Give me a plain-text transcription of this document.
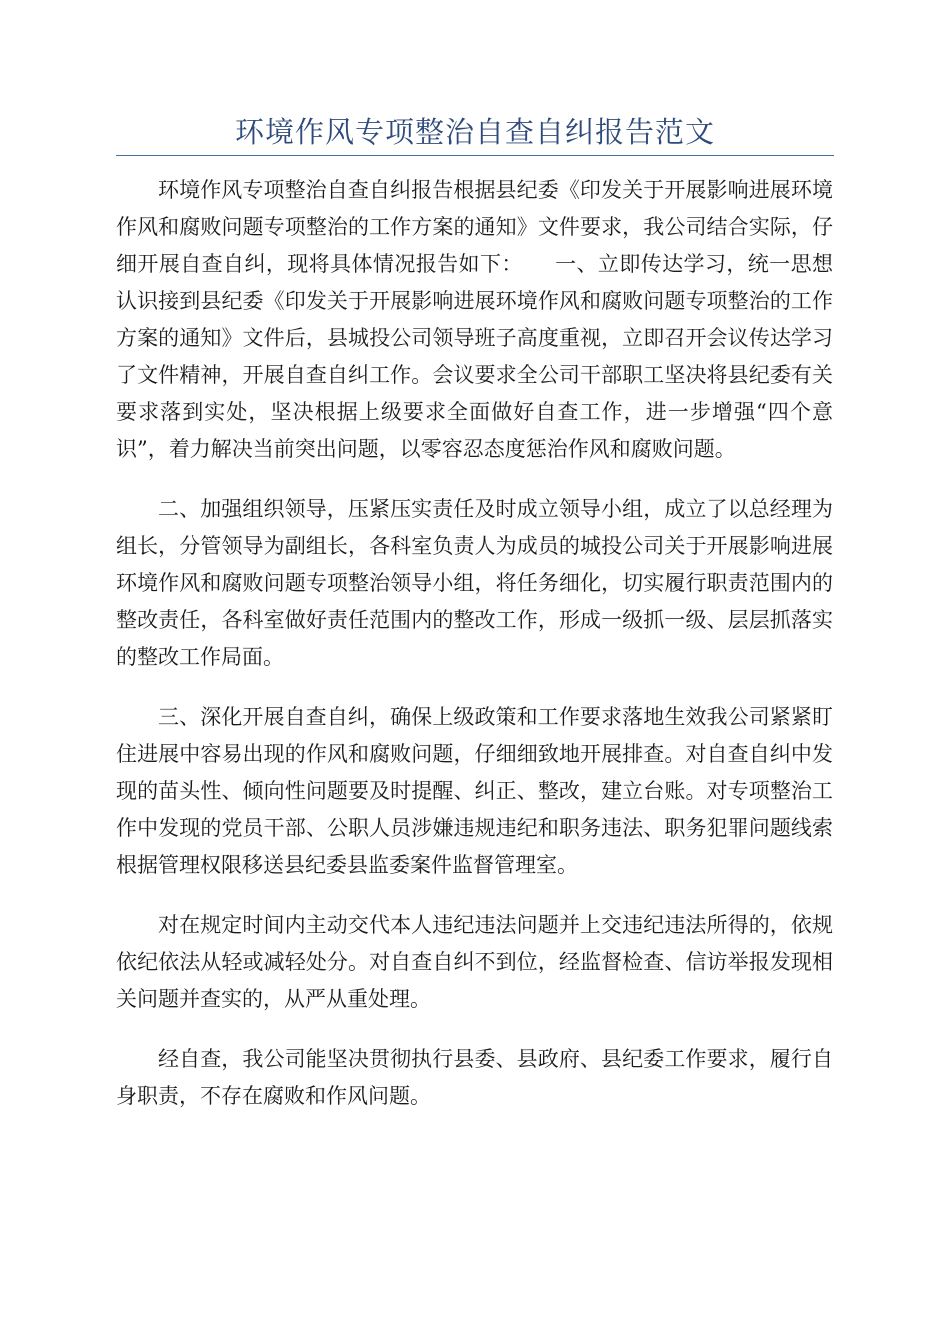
环境作风专项整治自查自纠报告范文

环境作风专项整治自查自纠报告根据县纪委《印发关于开展影响进展环境作风和腐败问题专项整治的工作方案的通知》文件要求，我公司结合实际，仔细开展自查自纠，现将具体情况报告如下：　　一、立即传达学习，统一思想认识接到县纪委《印发关于开展影响进展环境作风和腐败问题专项整治的工作方案的通知》文件后，县城投公司领导班子高度重视，立即召开会议传达学习了文件精神，开展自查自纠工作。会议要求全公司干部职工坚决将县纪委有关要求落到实处，坚决根据上级要求全面做好自查工作，进一步增强“四个意识”，着力解决当前突出问题，以零容忍态度惩治作风和腐败问题。

二、加强组织领导，压紧压实责任及时成立领导小组，成立了以总经理为组长，分管领导为副组长，各科室负责人为成员的城投公司关于开展影响进展环境作风和腐败问题专项整治领导小组，将任务细化，切实履行职责范围内的整改责任，各科室做好责任范围内的整改工作，形成一级抓一级、层层抓落实的整改工作局面。

三、深化开展自查自纠，确保上级政策和工作要求落地生效我公司紧紧盯住进展中容易出现的作风和腐败问题，仔细细致地开展排查。对自查自纠中发现的苗头性、倾向性问题要及时提醒、纠正、整改，建立台账。对专项整治工作中发现的党员干部、公职人员涉嫌违规违纪和职务违法、职务犯罪问题线索根据管理权限移送县纪委县监委案件监督管理室。

对在规定时间内主动交代本人违纪违法问题并上交违纪违法所得的，依规依纪依法从轻或减轻处分。对自查自纠不到位，经监督检查、信访举报发现相关问题并查实的，从严从重处理。

经自查，我公司能坚决贯彻执行县委、县政府、县纪委工作要求，履行自身职责，不存在腐败和作风问题。
